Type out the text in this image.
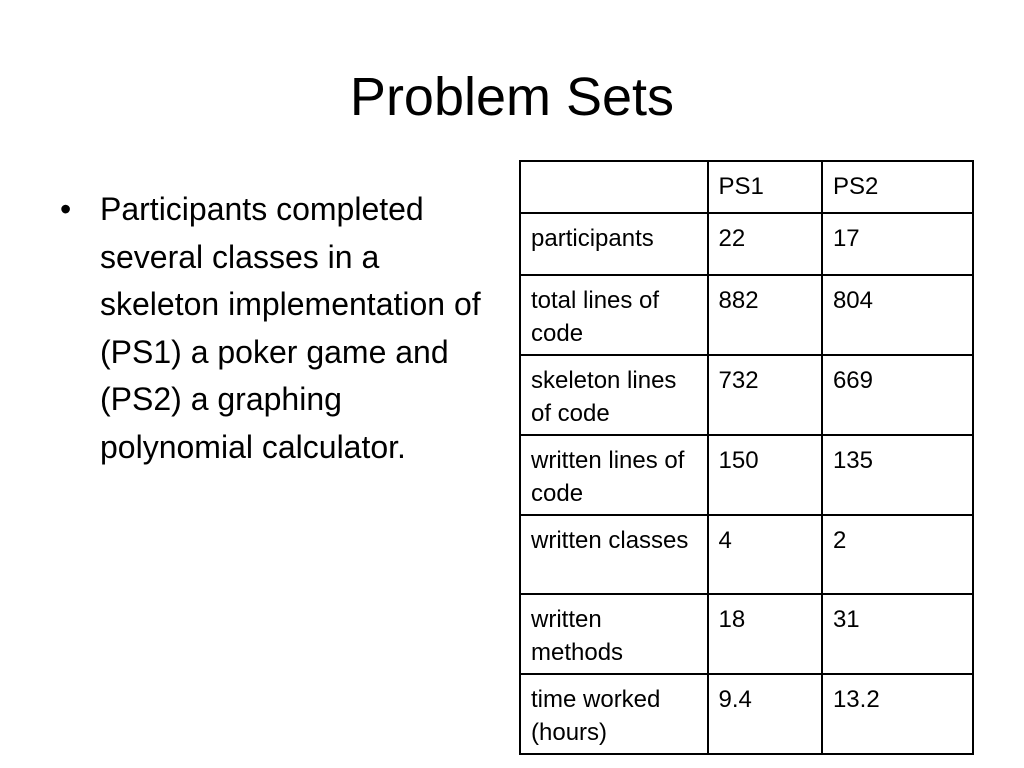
Problem Sets
• Participants completed several classes in a skeleton implementation of (PS1) a poker game and (PS2) a graphing polynomial calculator.
	PS1	PS2
participants	22	17
total lines of code	882	804
skeleton lines of code	732	669
written lines of code	150	135
written classes	4	2
written methods	18	31
time worked (hours)	9.4	13.2
